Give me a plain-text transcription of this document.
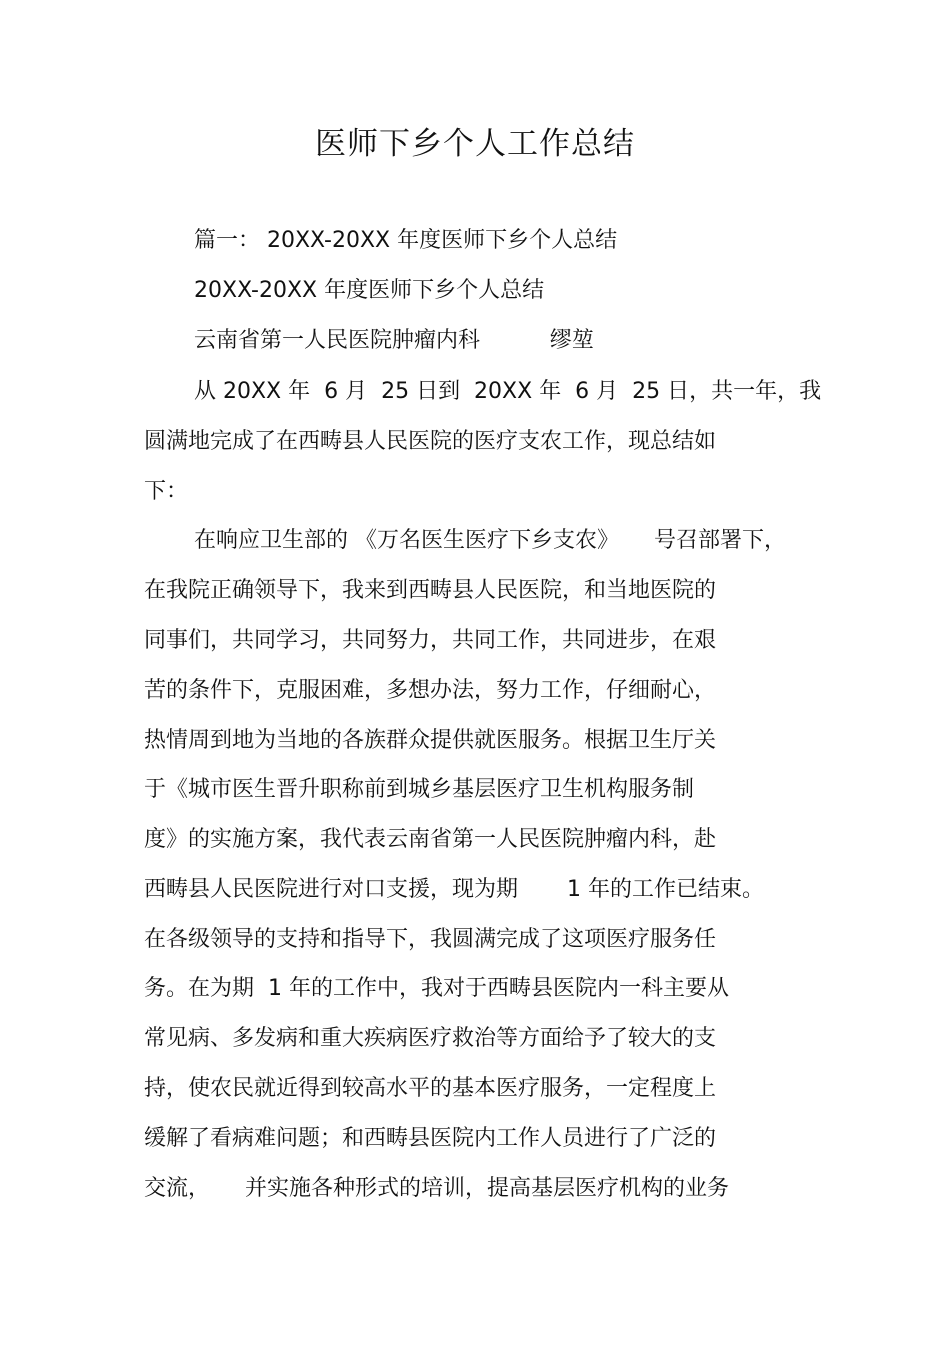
医师下乡个人工作总结
篇一： 20XX-20XX 年度医师下乡个人总结
20XX-20XX 年度医师下乡个人总结
云南省第一人民医院肿瘤内科          缪堃
从 20XX 年  6 月  25 日到  20XX 年  6 月  25 日，共一年，我
圆满地完成了在西畴县人民医院的医疗支农工作，现总结如
下：
在响应卫生部的 《万名医生医疗下乡支农》     号召部署下，
在我院正确领导下，我来到西畴县人民医院，和当地医院的
同事们，共同学习，共同努力，共同工作，共同进步，在艰
苦的条件下，克服困难，多想办法，努力工作，仔细耐心，
热情周到地为当地的各族群众提供就医服务。根据卫生厅关
于《城市医生晋升职称前到城乡基层医疗卫生机构服务制
度》的实施方案，我代表云南省第一人民医院肿瘤内科，赴
西畴县人民医院进行对口支援，现为期       1 年的工作已结束。
在各级领导的支持和指导下，我圆满完成了这项医疗服务任
务。在为期  1 年的工作中，我对于西畴县医院内一科主要从
常见病、多发病和重大疾病医疗救治等方面给予了较大的支
持，使农民就近得到较高水平的基本医疗服务，一定程度上
缓解了看病难问题；和西畴县医院内工作人员进行了广泛的
交流，     并实施各种形式的培训，提高基层医疗机构的业务
